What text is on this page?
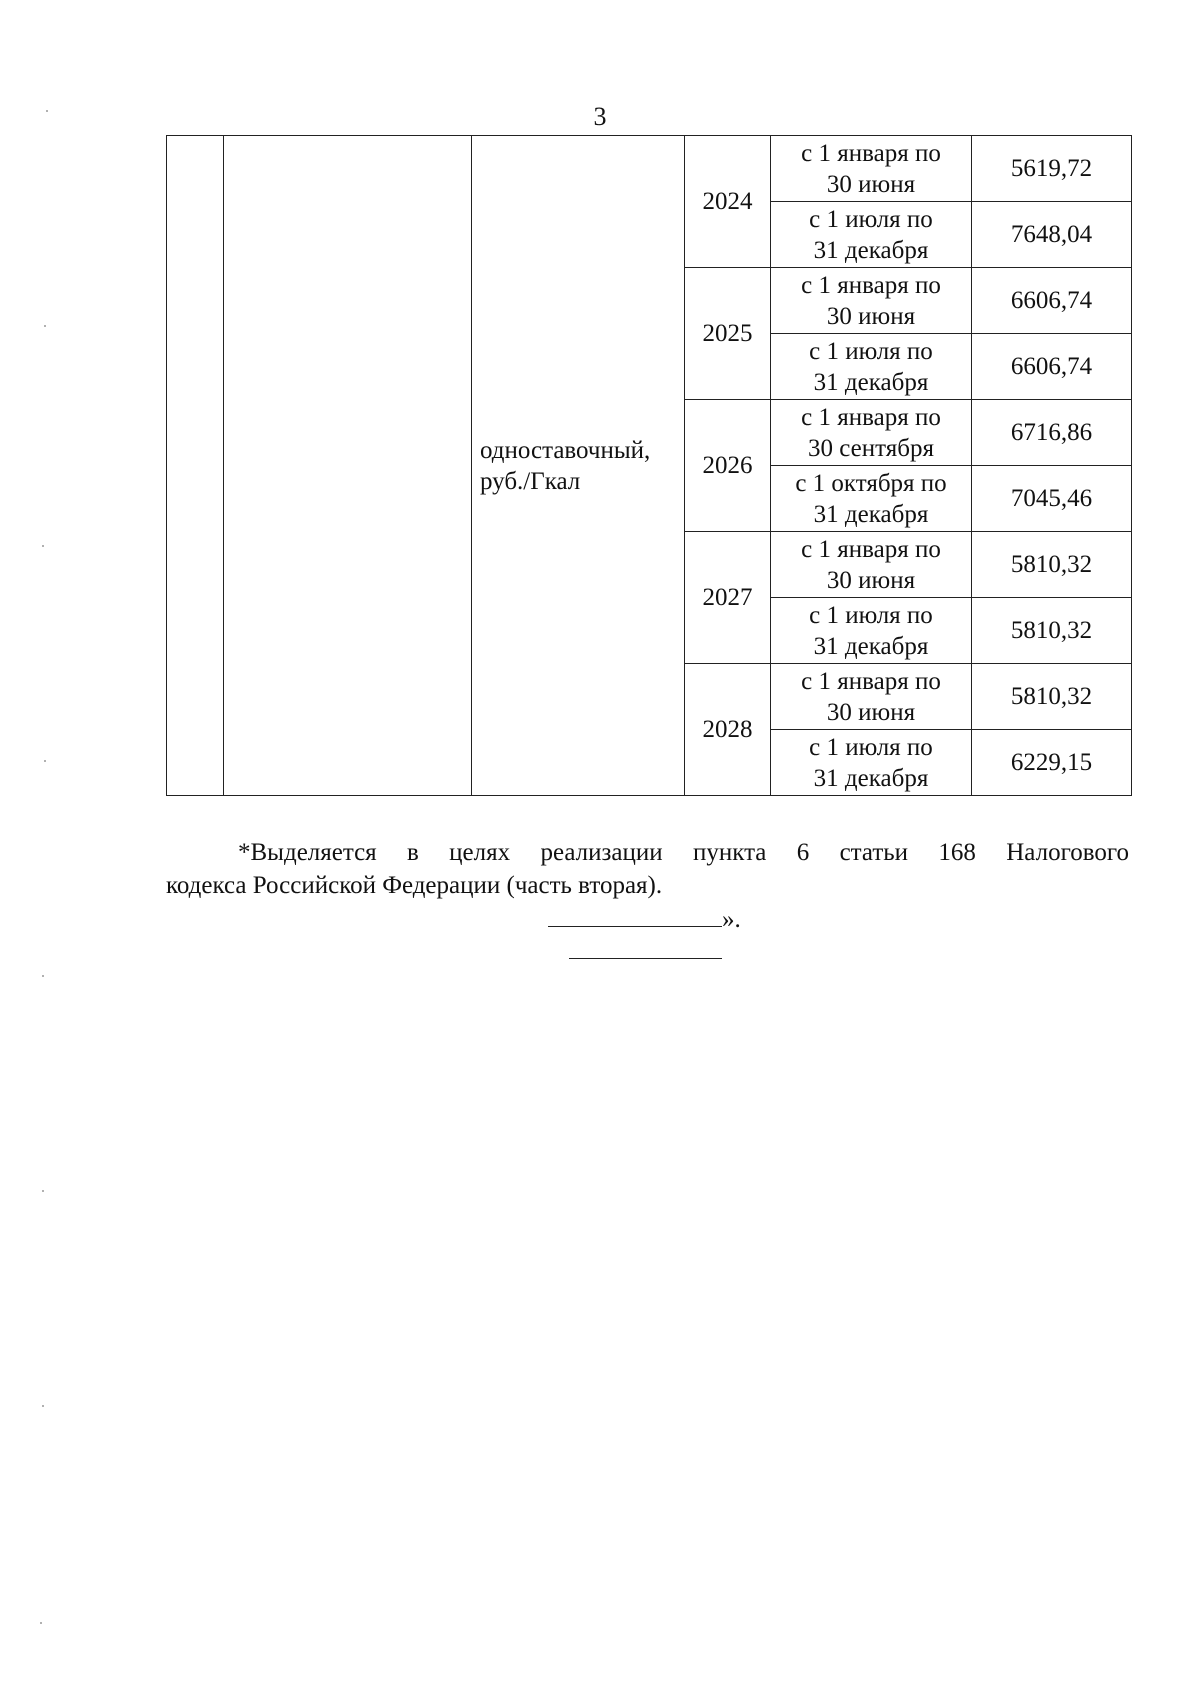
3
		одноставочный,
руб./Гкал	2024	с 1 января по
30 июня	5619,72

				с 1 июля по
31 декабря	7648,04
			2025	с 1 января по
30 июня	6606,74

				с 1 июля по
31 декабря	6606,74
			2026	с 1 января по
30 сентября	6716,86

				с 1 октября по
31 декабря	7045,46
			2027	с 1 января по
30 июня	5810,32

				с 1 июля по
31 декабря	5810,32
			2028	с 1 января по
30 июня	5810,32

				с 1 июля по
31 декабря	6229,15
*Выделяется в целях реализации пункта 6 статьи 168 Налогового
кодекса Российской Федерации (часть вторая).
».
